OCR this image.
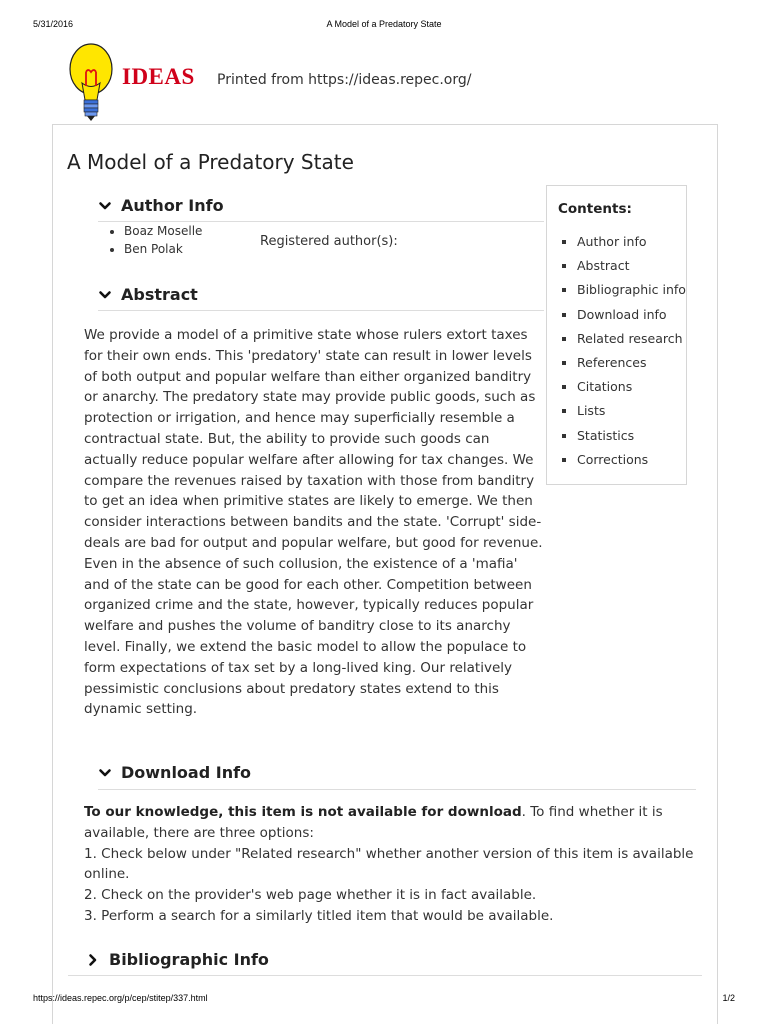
5/31/2016	A Model of a Predatory State
IDEAS Printed from https://ideas.repec.org/
A Model of a Predatory State
Author Info
• Boaz Moselle
• Ben Polak	Registered author(s):
Abstract

We provide a model of a primitive state whose rulers extort taxes for their own ends. This 'predatory' state can result in lower levels of both output and popular welfare than either organized banditry or anarchy. The predatory state may provide public goods, such as protection or irrigation, and hence may superficially resemble a contractual state. But, the ability to provide such goods can actually reduce popular welfare after allowing for tax changes. We compare the revenues raised by taxation with those from banditry to get an idea when primitive states are likely to emerge. We then consider interactions between bandits and the state. 'Corrupt' side-deals are bad for output and popular welfare, but good for revenue. Even in the absence of such collusion, the existence of a 'mafia' and of the state can be good for each other. Competition between organized crime and the state, however, typically reduces popular welfare and pushes the volume of banditry close to its anarchy level. Finally, we extend the basic model to allow the populace to form expectations of tax set by a long-lived king. Our relatively pessimistic conclusions about predatory states extend to this dynamic setting.

Download Info

To our knowledge, this item is not available for download. To find whether it is available, there are three options:

1. Check below under "Related research" whether another version of this item is available online.

2. Check on the provider's web page whether it is in fact available.

3. Perform a search for a similarly titled item that would be available.

Bibliographic Info
Contents:
▪ Author info
▪ Abstract
▪ Bibliographic info
▪ Download info
▪ Related research
▪ References
▪ Citations
▪ Lists
▪ Statistics
▪ Corrections
https://ideas.repec.org/p/cep/stitep/337.html	1/2
